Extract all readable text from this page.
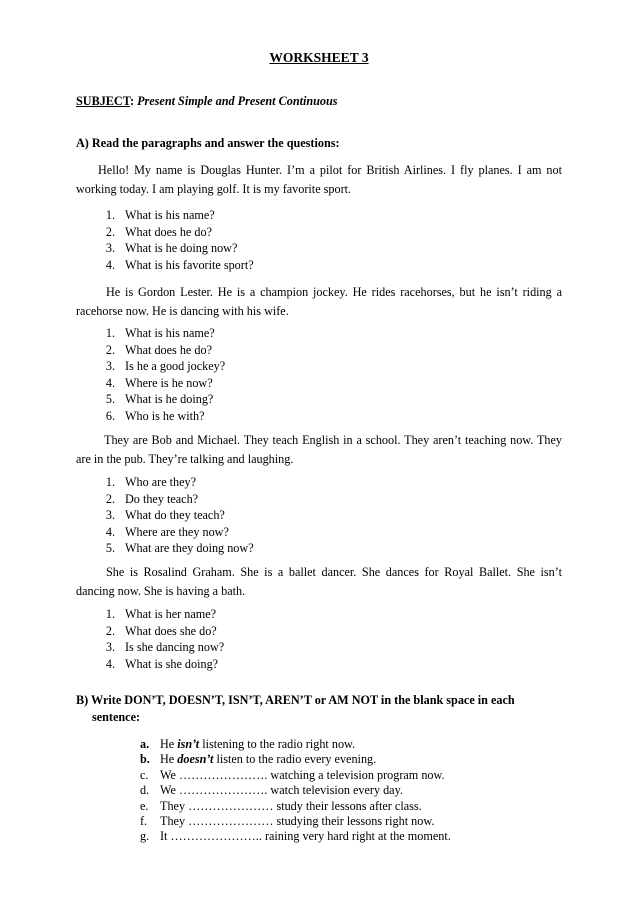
WORKSHEET 3
SUBJECT: Present Simple and Present Continuous
A) Read the paragraphs and answer the questions:

Hello! My name is Douglas Hunter. I’m a pilot for British Airlines. I fly planes. I am not working today. I am playing golf. It is my favorite sport.

1. What is his name?
2. What does he do?
3. What is he doing now?
4. What is his favorite sport?

He is Gordon Lester. He is a champion jockey. He rides racehorses, but he isn’t riding a racehorse now. He is dancing with his wife.

1. What is his name?
2. What does he do?
3. Is he a good jockey?
4. Where is he now?
5. What is he doing?
6. Who is he with?

They are Bob and Michael. They teach English in a school. They aren’t teaching now. They are in the pub. They’re talking and laughing.

1. Who are they?
2. Do they teach?
3. What do they teach?
4. Where are they now?
5. What are they doing now?

She is Rosalind Graham. She is a ballet dancer. She dances for Royal Ballet. She isn’t dancing now. She is having a bath.

1. What is her name?
2. What does she do?
3. Is she dancing now?
4. What is she doing?
B) Write DON’T, DOESN’T, ISN’T, AREN’T or AM NOT in the blank space in each
sentence:
a. He isn’t listening to the radio right now.
b. He doesn’t listen to the radio every evening.
c. We …………………. watching a television program now.
d. We …………………. watch television every day.
e. They ………………… study their lessons after class.
f. They ………………… studying their lessons right now.
g. It ………………….. raining very hard right at the moment.
